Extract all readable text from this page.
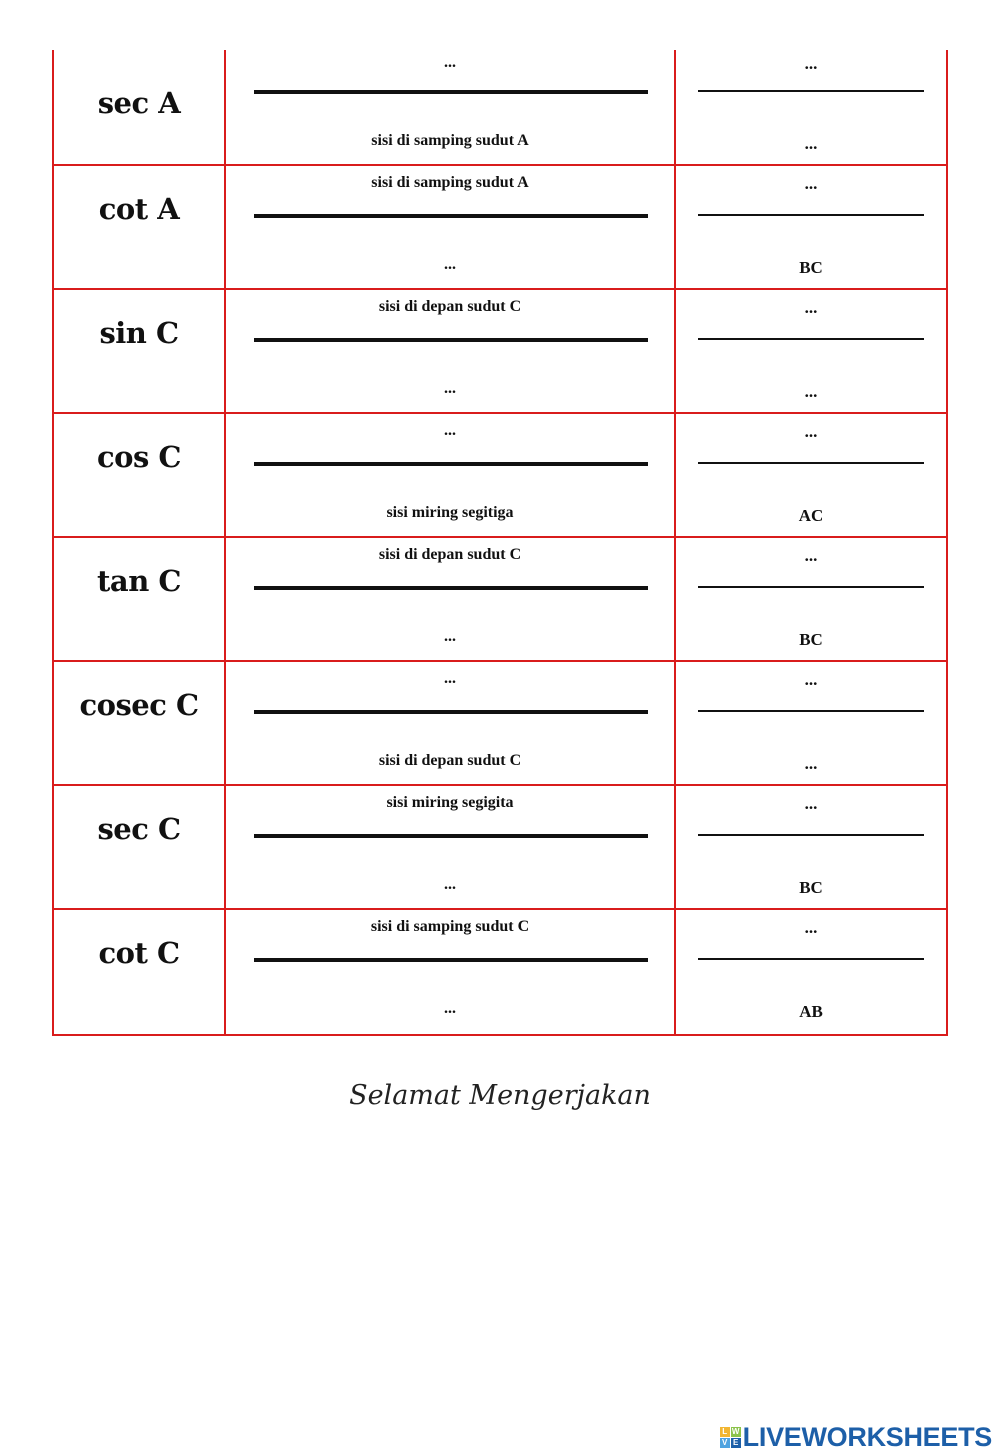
sec A	$\frac{...}{\text{sisi di samping sudut A}} \frac{...}{...}$
cot A	$\frac{\text{sisi di samping sudut A}}{...} \frac{...}{BC}$
sin C	$\frac{\text{sisi di depan sudut C}}{...} \frac{...}{...}$
cos C	$\frac{...}{\text{sisi miring segitiga}} \frac{...}{AC}$
tan C	$\frac{\text{sisi di depan sudut C}}{...} \frac{...}{BC}$
cosec C	$\frac{...}{\text{sisi di depan sudut C}} \frac{...}{...}$
sec C	$\frac{\text{sisi miring segigita}}{...} \frac{...}{BC}$
cot C	$\frac{\text{sisi di samping sudut C}}{...} \frac{...}{AB}$
Selamat Mengerjakan
L W
V E LIVEWORKSHEETS
